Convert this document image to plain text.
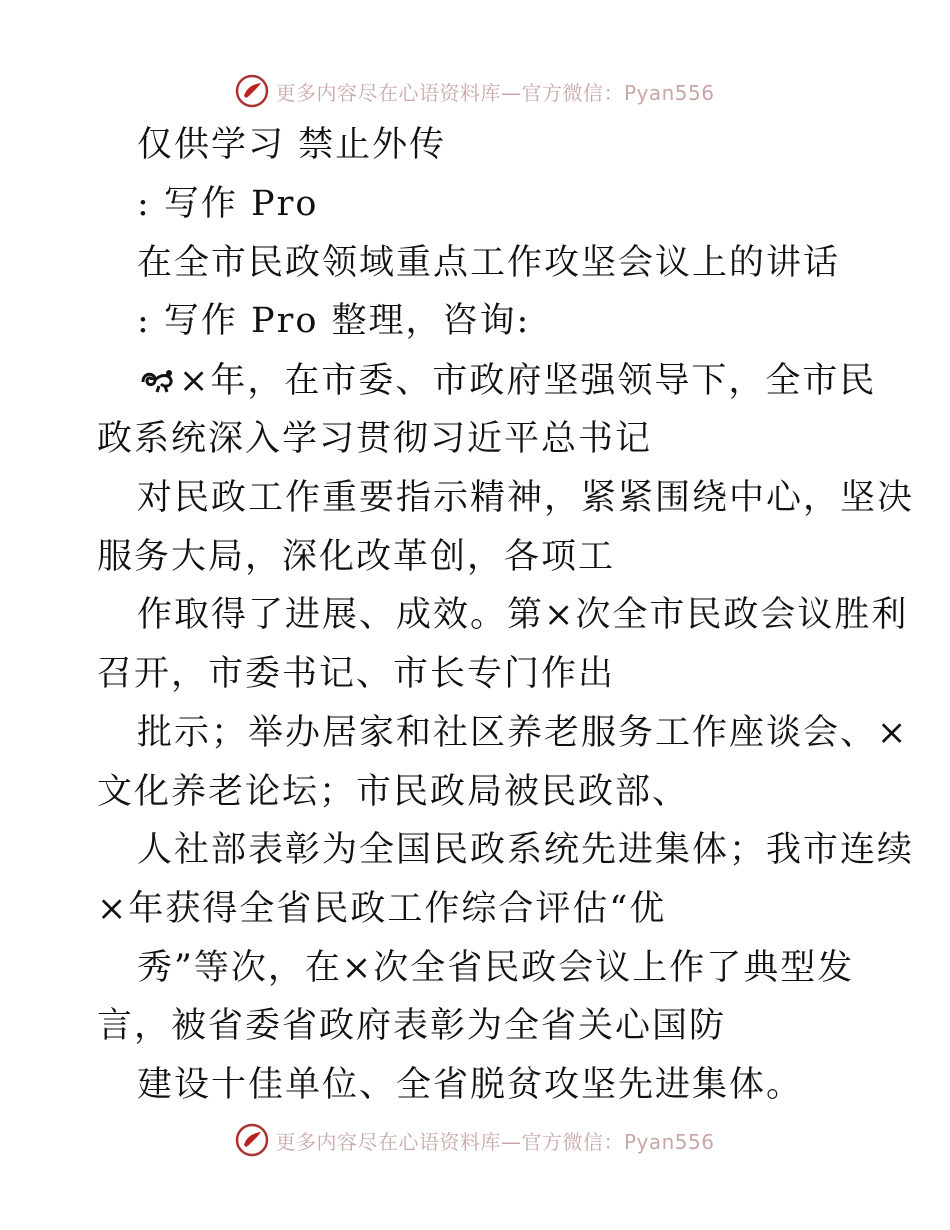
更多内容尽在心语资料库—官方微信：Pyan556
仅供学习 禁止外传
: 写作 Pro
在全市民政领域重点工作攻坚会议上的讲话
: 写作 Pro 整理，咨询:
×年，在市委、市政府坚强领导下，全市民
政系统深入学习贯彻习近平总书记
对民政工作重要指示精神，紧紧围绕中心，坚决
服务大局，深化改革创，各项工
作取得了进展、成效。第×次全市民政会议胜利
召开，市委书记、市长专门作出
批示；举办居家和社区养老服务工作座谈会、×
文化养老论坛；市民政局被民政部、
人社部表彰为全国民政系统先进集体；我市连续
×年获得全省民政工作综合评估“优
秀”等次，在×次全省民政会议上作了典型发
言，被省委省政府表彰为全省关心国防
建设十佳单位、全省脱贫攻坚先进集体。
更多内容尽在心语资料库—官方微信：Pyan556
